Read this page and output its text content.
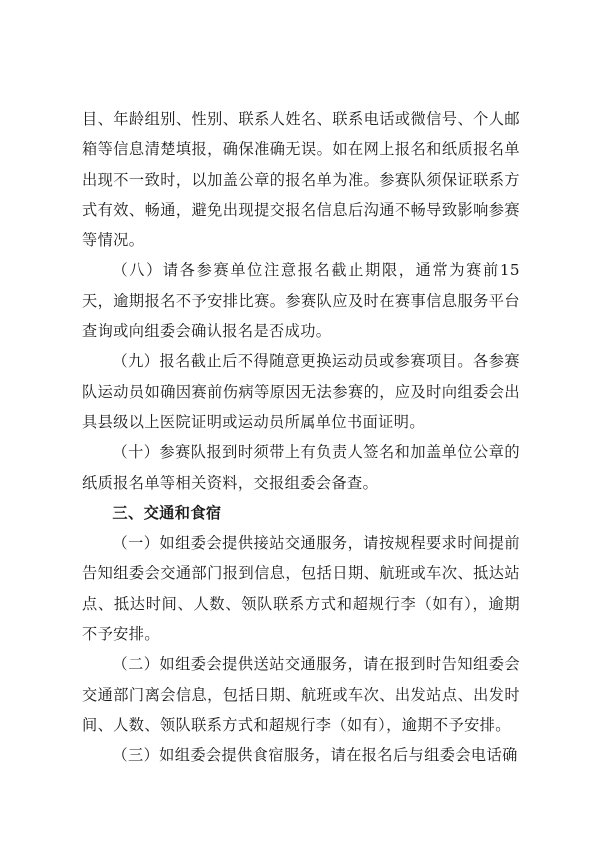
目、年龄组别、性别、联系人姓名、联系电话或微信号、个人邮箱等信息清楚填报，确保准确无误。如在网上报名和纸质报名单出现不一致时，以加盖公章的报名单为准。参赛队须保证联系方式有效、畅通，避免出现提交报名信息后沟通不畅导致影响参赛等情况。

（八）请各参赛单位注意报名截止期限，通常为赛前15天，逾期报名不予安排比赛。参赛队应及时在赛事信息服务平台查询或向组委会确认报名是否成功。

（九）报名截止后不得随意更换运动员或参赛项目。各参赛队运动员如确因赛前伤病等原因无法参赛的，应及时向组委会出具县级以上医院证明或运动员所属单位书面证明。

（十）参赛队报到时须带上有负责人签名和加盖单位公章的纸质报名单等相关资料，交报组委会备查。

三、交通和食宿

（一）如组委会提供接站交通服务，请按规程要求时间提前告知组委会交通部门报到信息，包括日期、航班或车次、抵达站点、抵达时间、人数、领队联系方式和超规行李（如有），逾期不予安排。

（二）如组委会提供送站交通服务，请在报到时告知组委会交通部门离会信息，包括日期、航班或车次、出发站点、出发时间、人数、领队联系方式和超规行李（如有），逾期不予安排。

（三）如组委会提供食宿服务，请在报名后与组委会电话确
